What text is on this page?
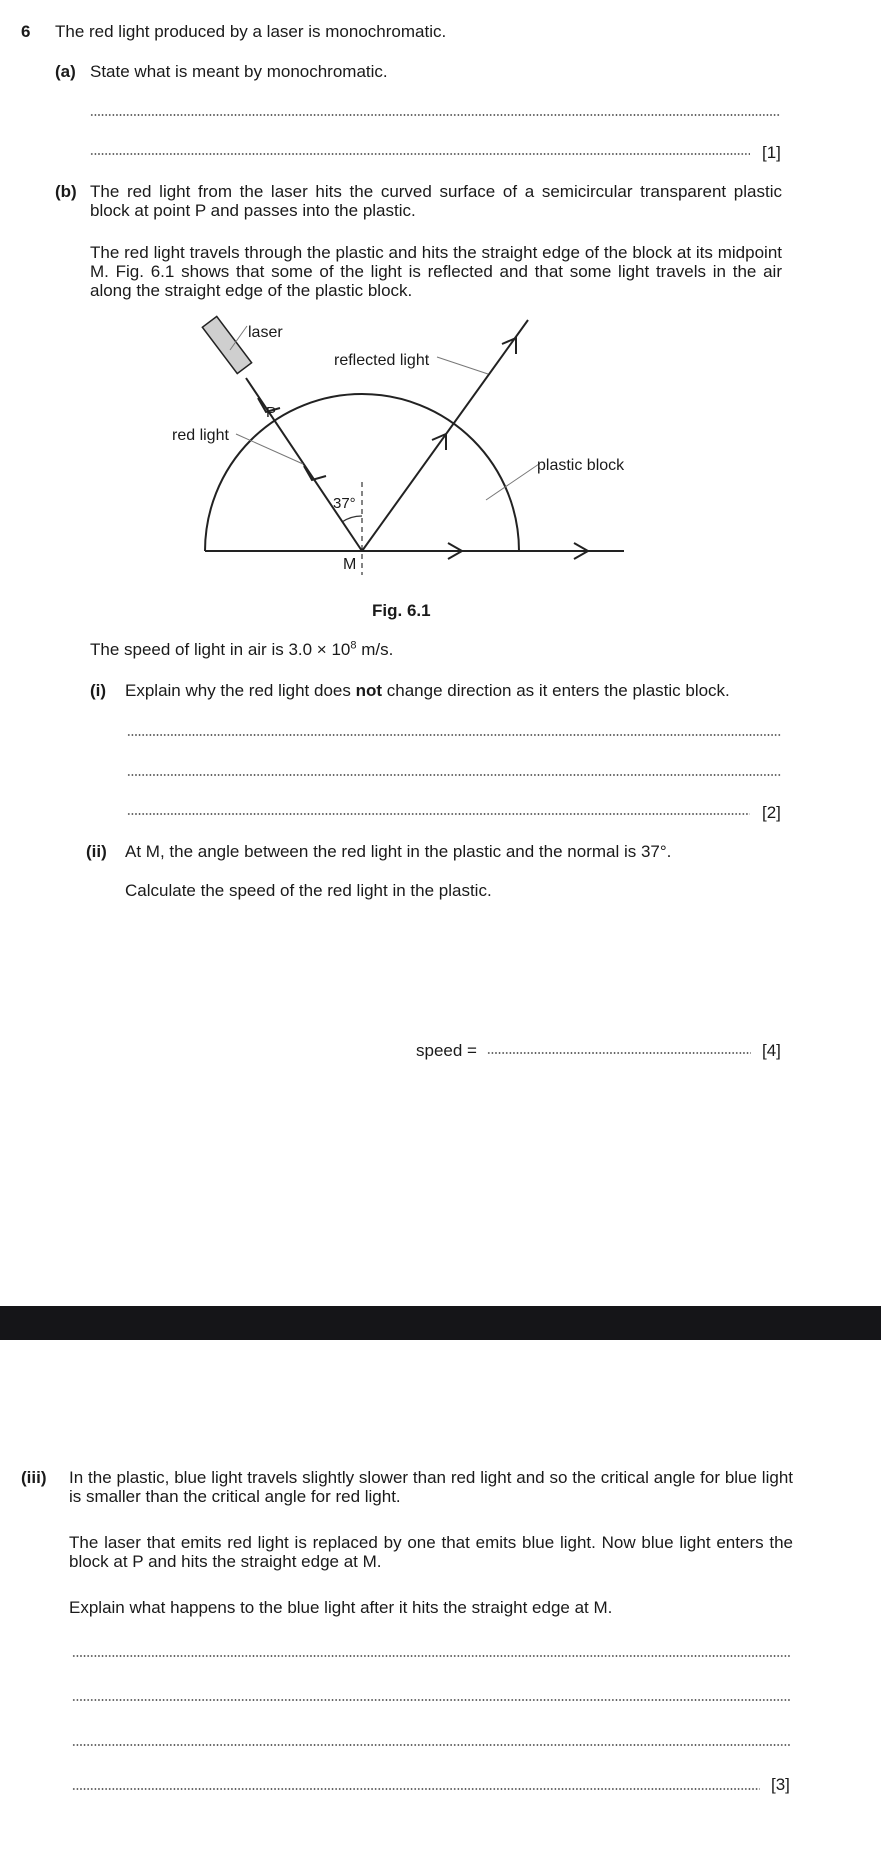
6 The red light produced by a laser is monochromatic.
(a) State what is meant by monochromatic.
[1]
(b) The red light from the laser hits the curved surface of a semicircular transparent plastic block at point P and passes into the plastic.
The red light travels through the plastic and hits the straight edge of the block at its midpoint M. Fig. 6.1 shows that some of the light is reflected and that some light travels in the air along the straight edge of the plastic block.
laser
reflected light
P
red light
plastic block
37°
M
Fig. 6.1
The speed of light in air is $3.0 \times 10^8$ m/s.
(i) Explain why the red light does not change direction as it enters the plastic block.
[2]
(ii) At M, the angle between the red light in the plastic and the normal is 37°.
Calculate the speed of the red light in the plastic.
speed =	[4]
(iii) In the plastic, blue light travels slightly slower than red light and so the critical angle for blue light is smaller than the critical angle for red light.
The laser that emits red light is replaced by one that emits blue light. Now blue light enters the block at P and hits the straight edge at M.
Explain what happens to the blue light after it hits the straight edge at M.
[3]
